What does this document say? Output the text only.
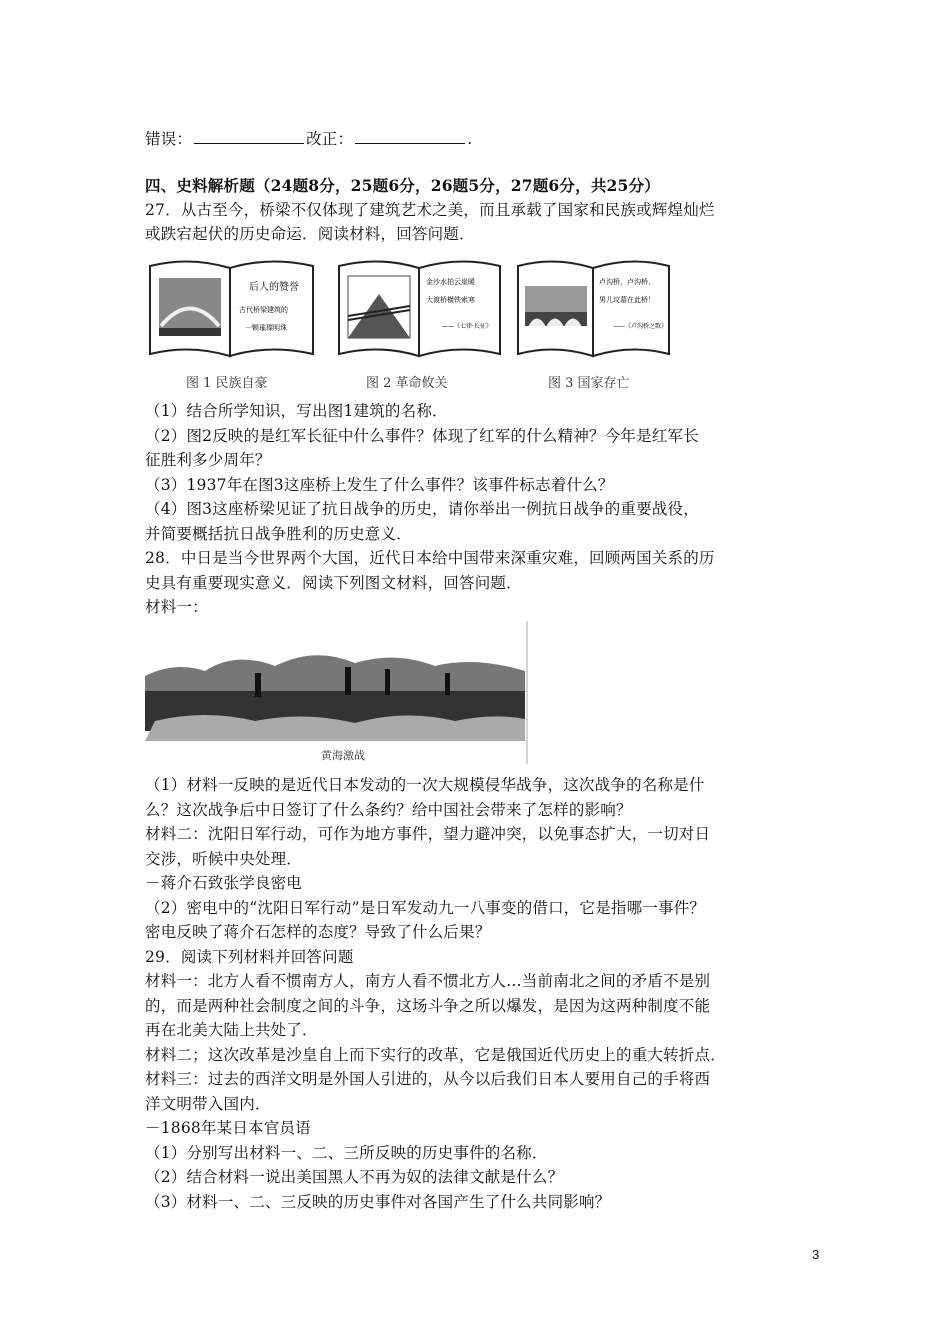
错误：	改正：	.
四、史料解析题（24题8分，25题6分，26题5分，27题6分，共25分）
27．从古至今，桥梁不仅体现了建筑艺术之美，而且承载了国家和民族或辉煌灿烂
或跌宕起伏的历史命运．阅读材料，回答问题．
后人的赞誉
古代桥梁建筑的
一颗璀璨明珠
图 1 民族自豪
金沙水拍云崖暖
大渡桥横铁索寒
——《七律·长征》
图 2 革命攸关
卢沟桥，卢沟桥，
男儿坟墓在此桥！
——《卢沟桥之歌》
图 3 国家存亡
（1）结合所学知识，写出图1建筑的名称．
（2）图2反映的是红军长征中什么事件？体现了红军的什么精神？今年是红军长
征胜利多少周年？
（3）1937年在图3这座桥上发生了什么事件？该事件标志着什么？
（4）图3这座桥梁见证了抗日战争的历史，请你举出一例抗日战争的重要战役，
并简要概括抗日战争胜利的历史意义．
28．中日是当今世界两个大国，近代日本给中国带来深重灾难，回顾两国关系的历
史具有重要现实意义．阅读下列图文材料，回答问题．
材料一：
黄海激战
（1）材料一反映的是近代日本发动的一次大规模侵华战争，这次战争的名称是什
么？这次战争后中日签订了什么条约？给中国社会带来了怎样的影响？
材料二：沈阳日军行动，可作为地方事件，望力避冲突，以免事态扩大，一切对日
交涉，听候中央处理．
－蒋介石致张学良密电
（2）密电中的“沈阳日军行动”是日军发动九一八事变的借口，它是指哪一事件？
密电反映了蒋介石怎样的态度？导致了什么后果？
29．阅读下列材料并回答问题
材料一：北方人看不惯南方人，南方人看不惯北方人…当前南北之间的矛盾不是别
的，而是两种社会制度之间的斗争，这场斗争之所以爆发，是因为这两种制度不能
再在北美大陆上共处了．
材料二；这次改革是沙皇自上而下实行的改革，它是俄国近代历史上的重大转折点．
材料三：过去的西洋文明是外国人引进的，从今以后我们日本人要用自己的手将西
洋文明带入国内．
－1868年某日本官员语
（1）分别写出材料一、二、三所反映的历史事件的名称．
（2）结合材料一说出美国黑人不再为奴的法律文献是什么？
（3）材料一、二、三反映的历史事件对各国产生了什么共同影响？
3
